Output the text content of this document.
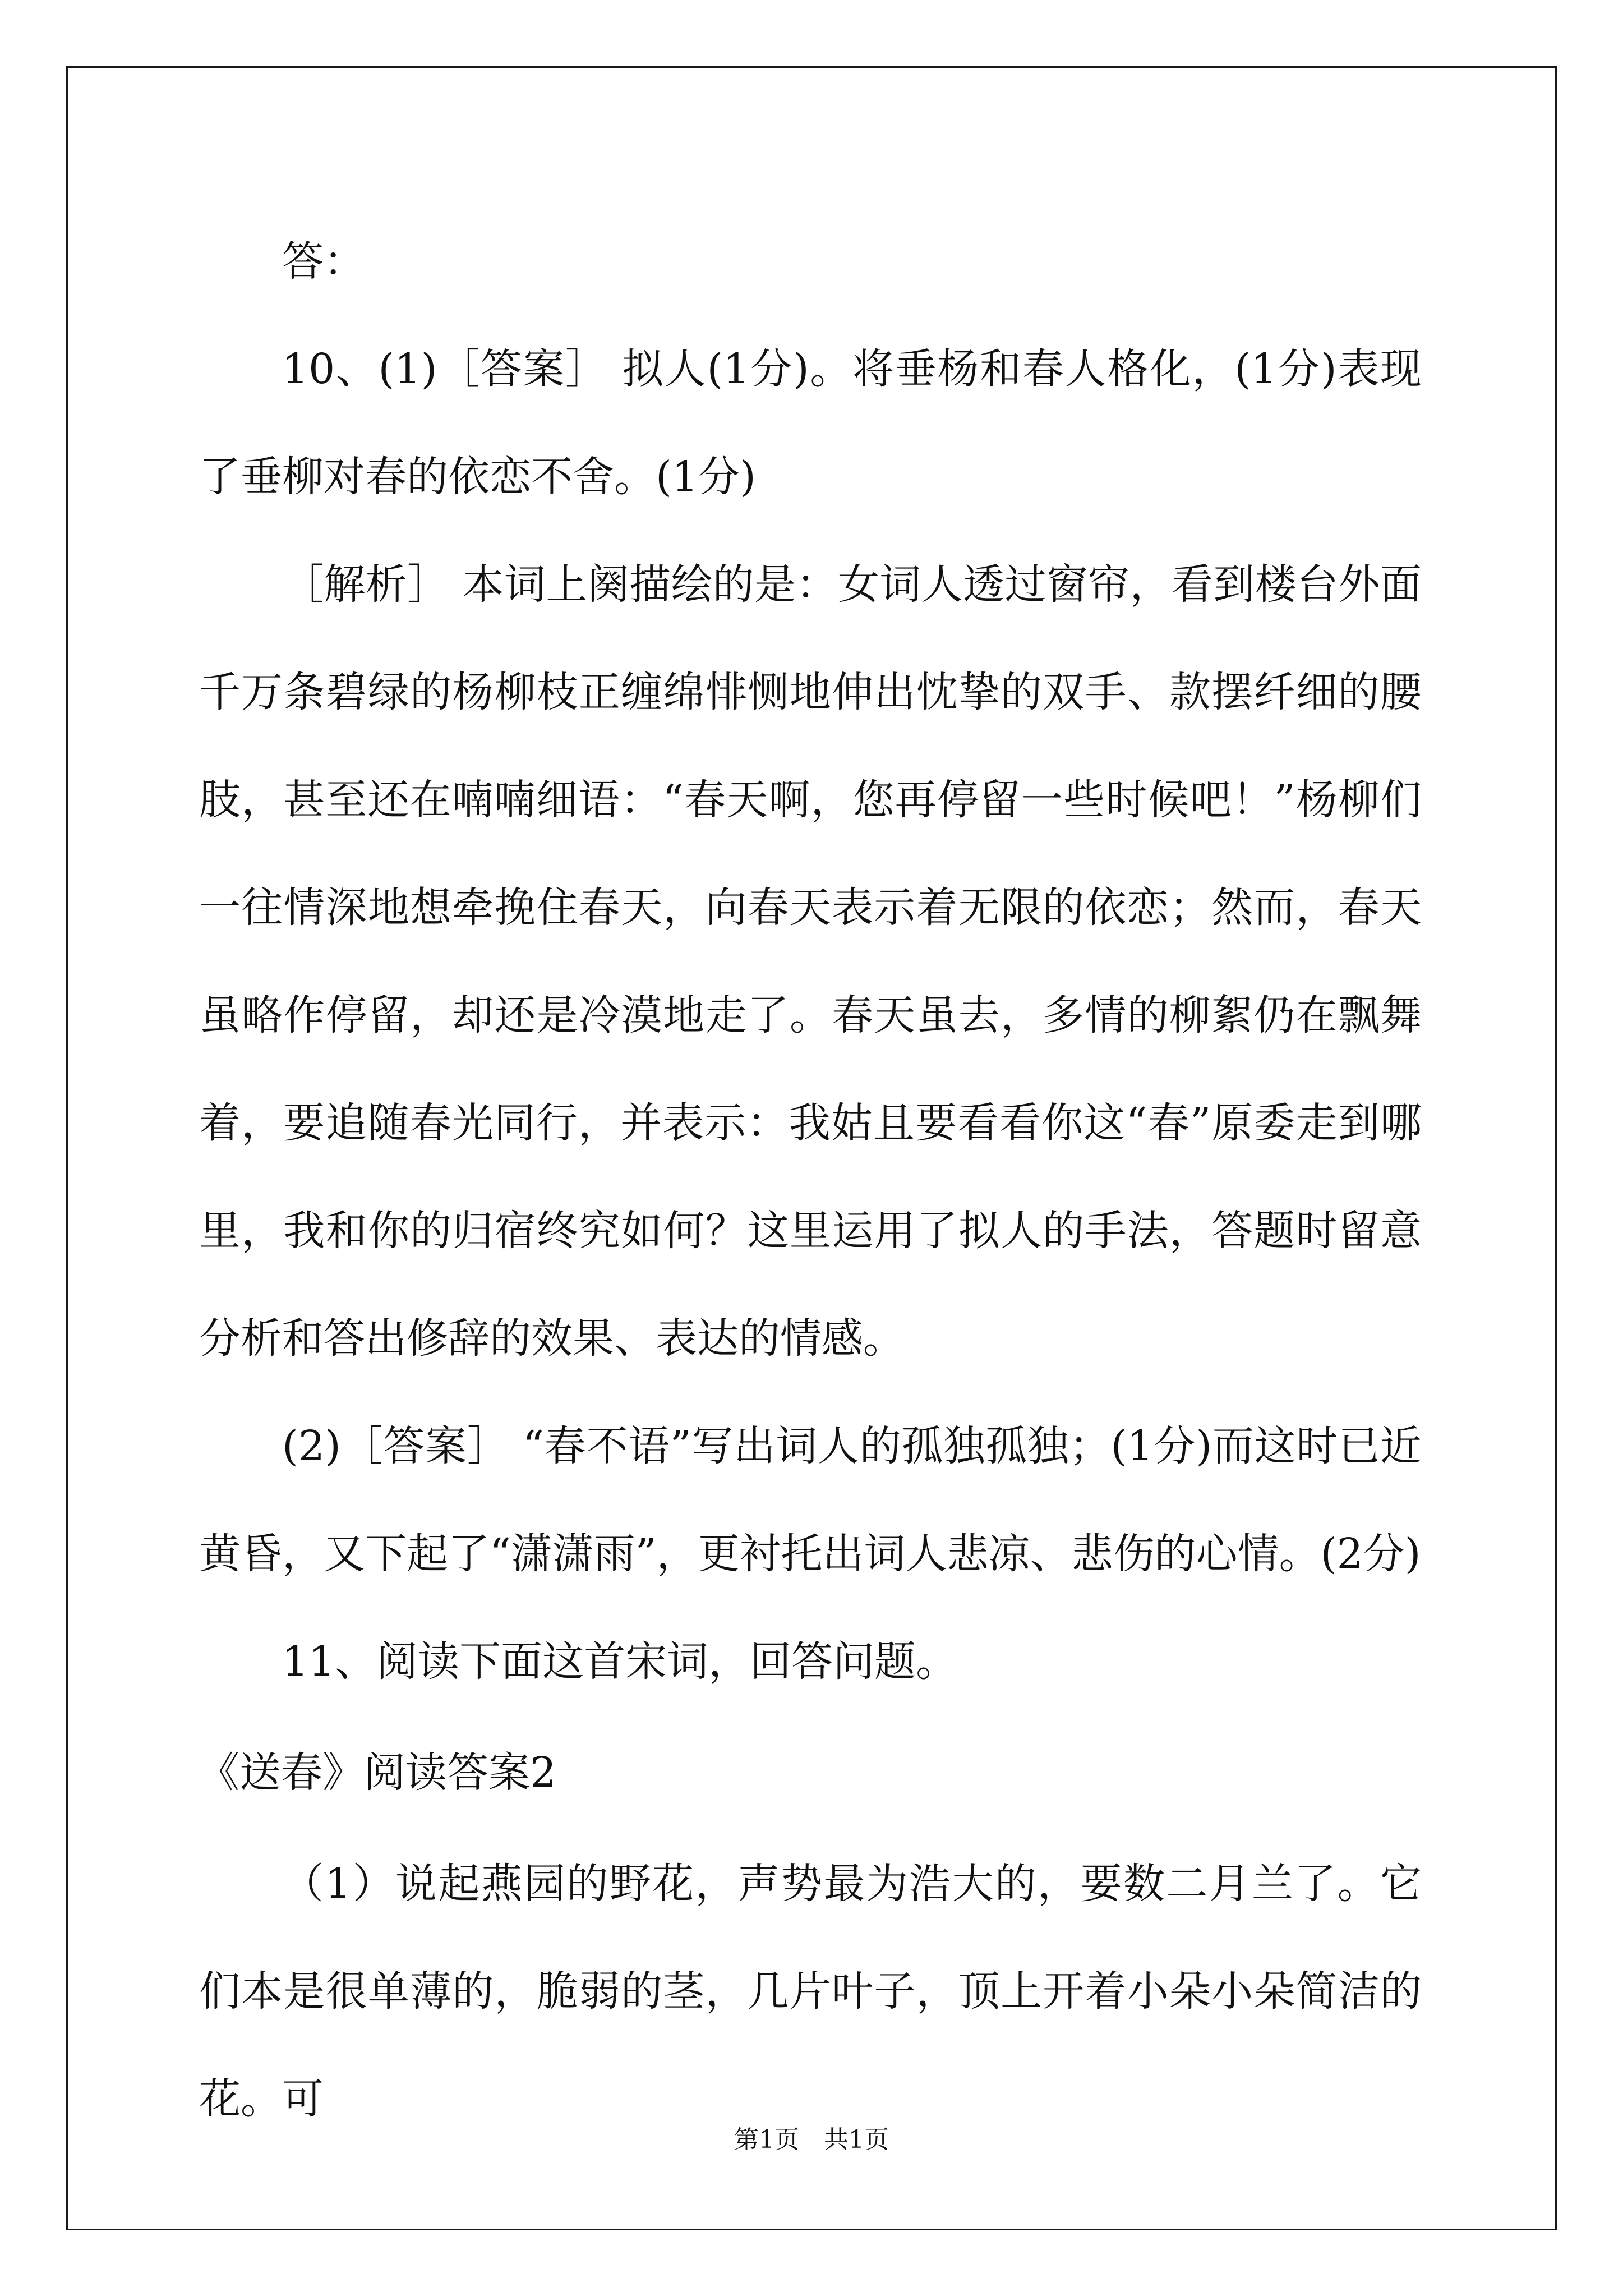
答：

10、(1)［答案］ 拟人(1分)。将垂杨和春人格化，(1分)表现了垂柳对春的依恋不舍。(1分)

［解析］ 本词上阕描绘的是：女词人透过窗帘，看到楼台外面千万条碧绿的杨柳枝正缠绵悱恻地伸出忱挚的双手、款摆纤细的腰肢，甚至还在喃喃细语：“春天啊，您再停留一些时候吧！”杨柳们一往情深地想牵挽住春天，向春天表示着无限的依恋；然而，春天虽略作停留，却还是冷漠地走了。春天虽去，多情的柳絮仍在飘舞着，要追随春光同行，并表示：我姑且要看看你这“春”原委走到哪里，我和你的归宿终究如何？这里运用了拟人的手法，答题时留意分析和答出修辞的效果、表达的情感。

(2)［答案］ “春不语”写出词人的孤独孤独；(1分)而这时已近黄昏，又下起了“潇潇雨”，更衬托出词人悲凉、悲伤的心情。(2分)

11、阅读下面这首宋词，回答问题。

《送春》阅读答案2

（1）说起燕园的野花，声势最为浩大的，要数二月兰了。它们本是很单薄的，脆弱的茎，几片叶子，顶上开着小朵小朵简洁的花。可

第1页　共1页
